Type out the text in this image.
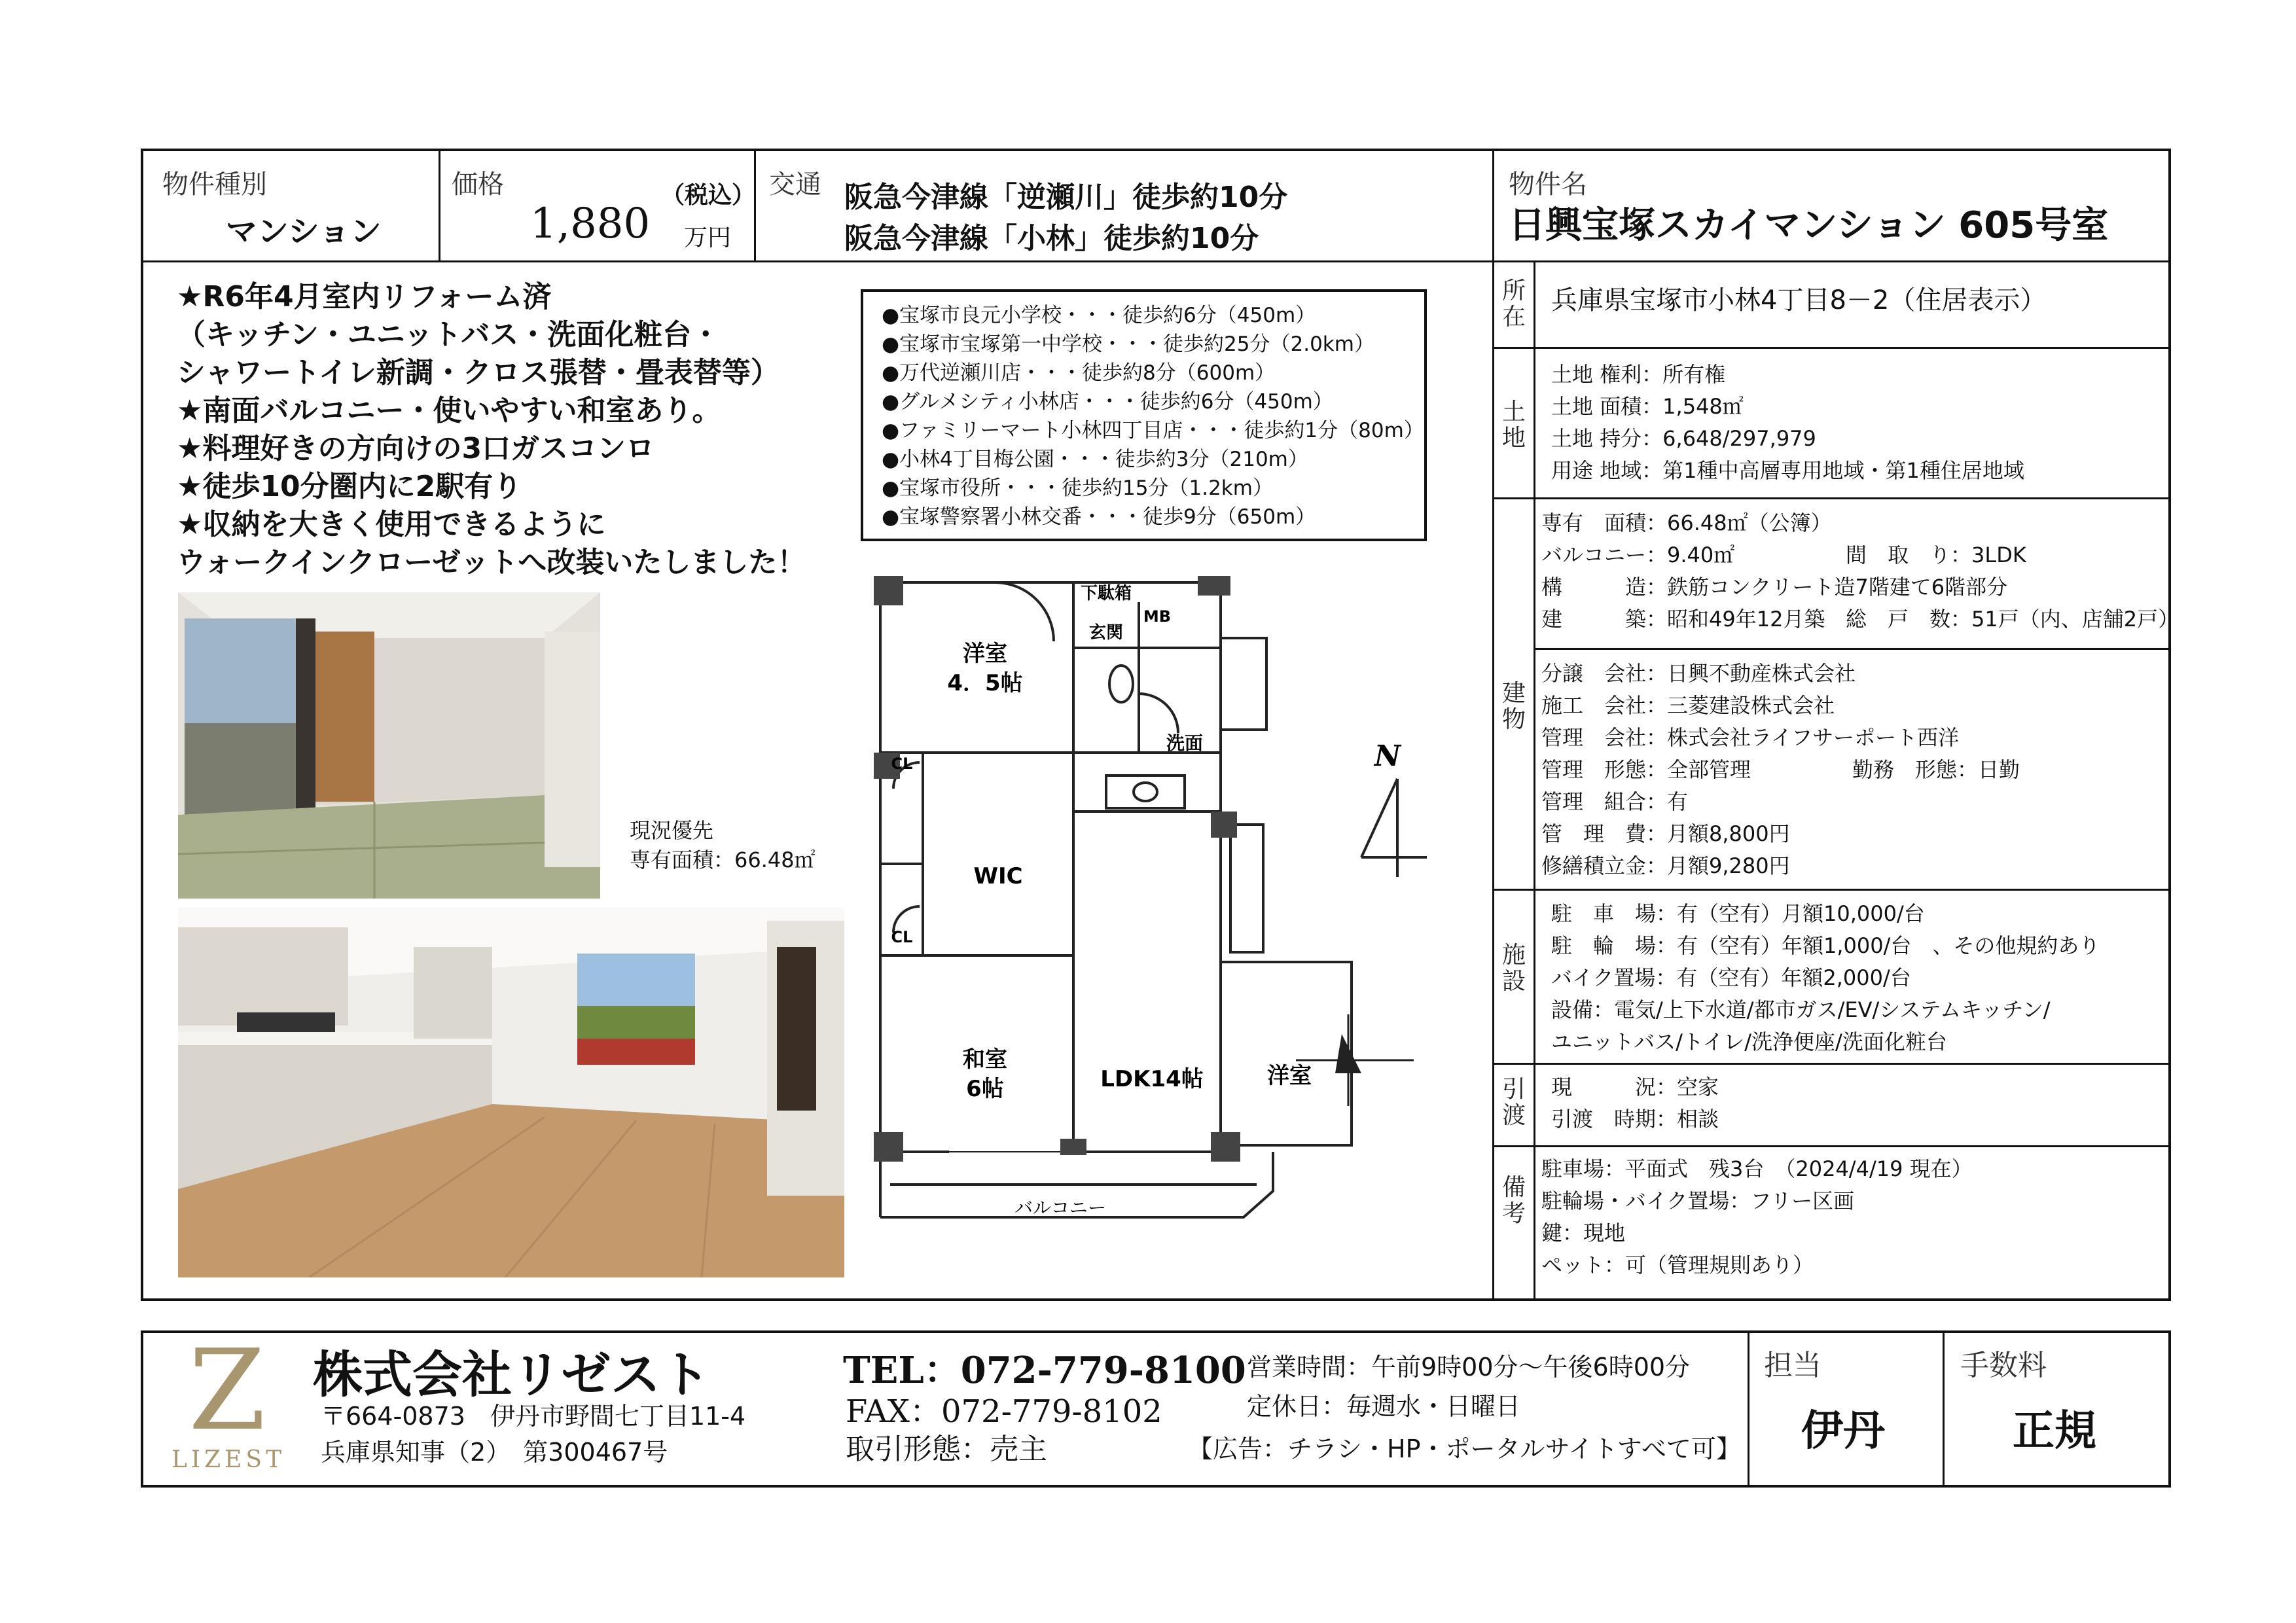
物件種別
マンション
価格
1,880
（税込）
万円
交通 阪急今津線「逆瀬川」徒歩約10分
阪急今津線「小林」徒歩約10分
物件名
日興宝塚スカイマンション 605号室
★R6年4月室内リフォーム済
（キッチン・ユニットバス・洗面化粧台・
シャワートイレ新調・クロス張替・畳表替等）
★南面バルコニー・使いやすい和室あり。
★料理好きの方向けの3口ガスコンロ
★徒歩10分圏内に2駅有り
★収納を大きく使用できるように
ウォークインクローゼットへ改装いたしました！
●宝塚市良元小学校・・・徒歩約6分（450m）
●宝塚市宝塚第一中学校・・・徒歩約25分（2.0km）
●万代逆瀬川店・・・徒歩約8分（600m）
●グルメシティ小林店・・・徒歩約6分（450m）
●ファミリーマート小林四丁目店・・・徒歩約1分（80m）
●小林4丁目梅公園・・・徒歩約3分（210m）
●宝塚市役所・・・徒歩約15分（1.2km）
●宝塚警察署小林交番・・・徒歩9分（650m）
現況優先
専有面積：66.48㎡
洋室
4．5帖
下駄箱
玄関
MB
洗面
CL
CL
WIC
和室
6帖	LDK14帖	洋室
バルコニー
N
所
在
兵庫県宝塚市小林4丁目8－2（住居表示）
土
地
土地 権利：所有権
土地 面積：1,548㎡
土地 持分：6,648/297,979
用途 地域：第1種中高層専用地域・第1種住居地域
建
物
専有　面積：66.48㎡（公簿）
バルコニー：9.40㎡
構　　　造：鉄筋コンクリート造7階建て6階部分
建　　　築：昭和49年12月築
間　取　り：3LDK
総　戸　数：51戸（内、店舗2戸）
分譲　会社：日興不動産株式会社
施工　会社：三菱建設株式会社
管理　会社：株式会社ライフサーポート西洋
管理　形態：全部管理
管理　組合：有
管　理　費：月額8,800円
修繕積立金：月額9,280円
勤務　形態：日勤
施
設
駐　車　場：有（空有）月額10,000/台
駐　輪　場：有（空有）年額1,000/台　、その他規約あり
バイク置場：有（空有）年額2,000/台
設備：電気/上下水道/都市ガス/EV/システムキッチン/
ユニットバス/トイレ/洗浄便座/洗面化粧台
引
渡
現　　　況：空家
引渡　時期：相談
備
考
駐車場：平面式　残3台　（2024/4/19 現在）
駐輪場・バイク置場：フリー区画
鍵：現地
ペット：可（管理規則あり）
Z
LIZEST
株式会社リゼスト
〒664-0873　伊丹市野間七丁目11-4
兵庫県知事（2）　第300467号
TEL：072-779-8100
FAX：072-779-8102
取引形態：売主
営業時間：午前9時00分～午後6時00分
定休日：毎週水・日曜日
【広告：チラシ・HP・ポータルサイトすべて可】
担当
伊丹
手数料
正規
